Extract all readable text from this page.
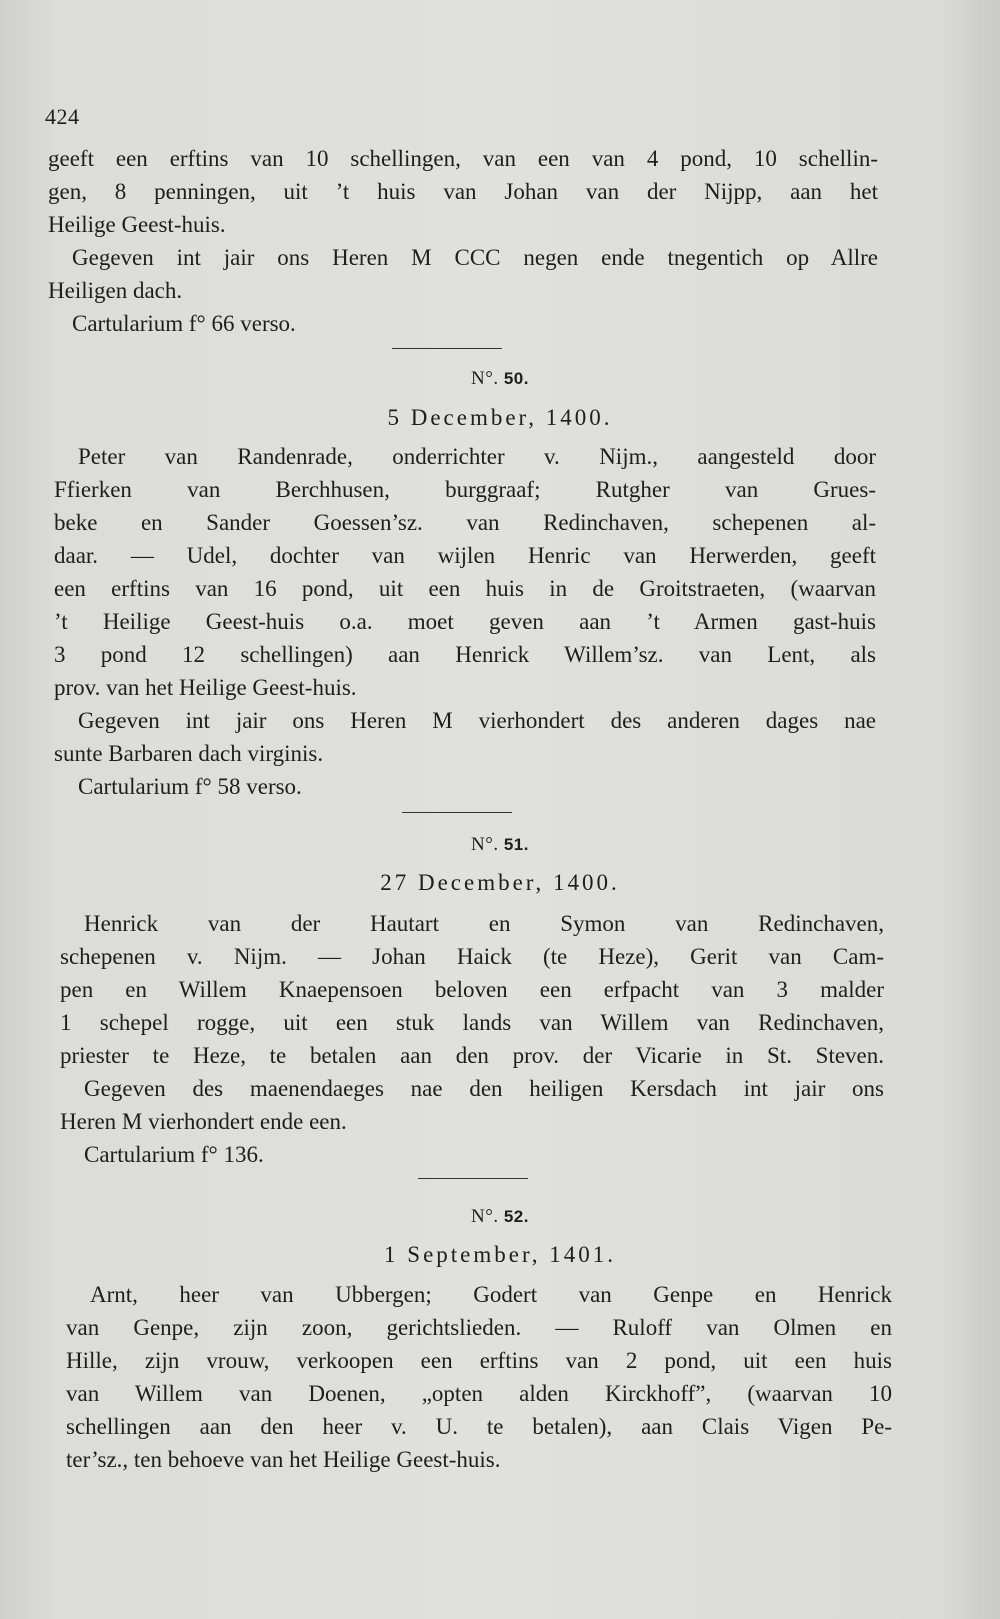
424
geeft een erftins van 10 schellingen, van een van 4 pond, 10 schellin-
gen, 8 penningen, uit ’t huis van Johan van der Nijpp, aan het
Heilige Geest-huis.
Gegeven int jair ons Heren M CCC negen ende tnegentich op Allre
Heiligen dach.
Cartularium f° 66 verso.
N°. 50.
5 December, 1400.
Peter van Randenrade, onderrichter v. Nijm., aangesteld door
Ffierken van Berchhusen, burggraaf; Rutgher van Grues-
beke en Sander Goessen’sz. van Redinchaven, schepenen al-
daar. — Udel, dochter van wijlen Henric van Herwerden, geeft
een erftins van 16 pond, uit een huis in de Groitstraeten, (waarvan
’t Heilige Geest-huis o.a. moet geven aan ’t Armen gast-huis
3 pond 12 schellingen) aan Henrick Willem’sz. van Lent, als
prov. van het Heilige Geest-huis.
Gegeven int jair ons Heren M vierhondert des anderen dages nae
sunte Barbaren dach virginis.
Cartularium f° 58 verso.
N°. 51.
27 December, 1400.
Henrick van der Hautart en Symon van Redinchaven,
schepenen v. Nijm. — Johan Haick (te Heze), Gerit van Cam-
pen en Willem Knaepensoen beloven een erfpacht van 3 malder
1 schepel rogge, uit een stuk lands van Willem van Redinchaven,
priester te Heze, te betalen aan den prov. der Vicarie in St. Steven.
Gegeven des maenendaeges nae den heiligen Kersdach int jair ons
Heren M vierhondert ende een.
Cartularium f° 136.
N°. 52.
1 September, 1401.
Arnt, heer van Ubbergen; Godert van Genpe en Henrick
van Genpe, zijn zoon, gerichtslieden. — Ruloff van Olmen en
Hille, zijn vrouw, verkoopen een erftins van 2 pond, uit een huis
van Willem van Doenen, „opten alden Kirckhoff”, (waarvan 10
schellingen aan den heer v. U. te betalen), aan Clais Vigen Pe-
ter’sz., ten behoeve van het Heilige Geest-huis.
